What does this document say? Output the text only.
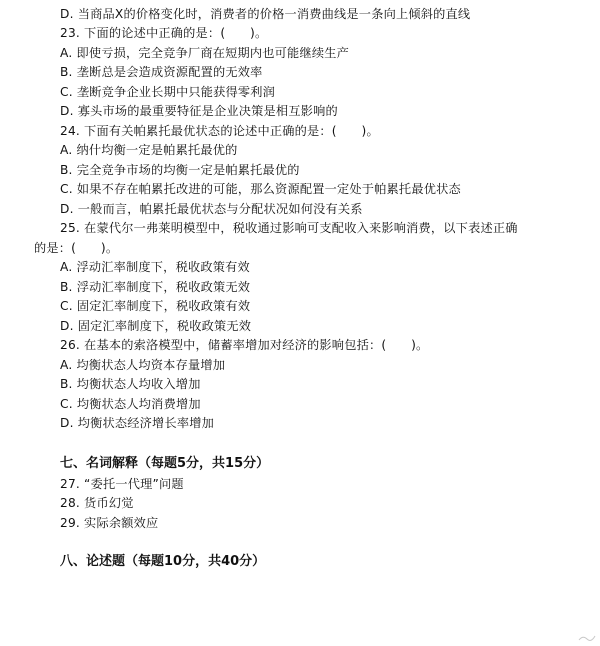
D. 当商品X的价格变化时，消费者的价格一消费曲线是一条向上倾斜的直线
23. 下面的论述中正确的是：(　　)。
A. 即使亏损，完全竞争厂商在短期内也可能继续生产
B. 垄断总是会造成资源配置的无效率
C. 垄断竞争企业长期中只能获得零利润
D. 寡头市场的最重要特征是企业决策是相互影响的
24. 下面有关帕累托最优状态的论述中正确的是：(　　)。
A. 纳什均衡一定是帕累托最优的
B. 完全竞争市场的均衡一定是帕累托最优的
C. 如果不存在帕累托改进的可能，那么资源配置一定处于帕累托最优状态
D. 一般而言，帕累托最优状态与分配状况如何没有关系
25. 在蒙代尔一弗莱明模型中，税收通过影响可支配收入来影响消费，以下表述正确
的是：(　　)。
A. 浮动汇率制度下，税收政策有效
B. 浮动汇率制度下，税收政策无效
C. 固定汇率制度下，税收政策有效
D. 固定汇率制度下，税收政策无效
26. 在基本的索洛模型中，储蓄率增加对经济的影响包括：(　　)。
A. 均衡状态人均资本存量增加
B. 均衡状态人均收入增加
C. 均衡状态人均消费增加
D. 均衡状态经济增长率增加
七、名词解释（每题5分，共15分）
27. “委托一代理”问题
28. 货币幻觉
29. 实际余额效应
八、论述题（每题10分，共40分）
